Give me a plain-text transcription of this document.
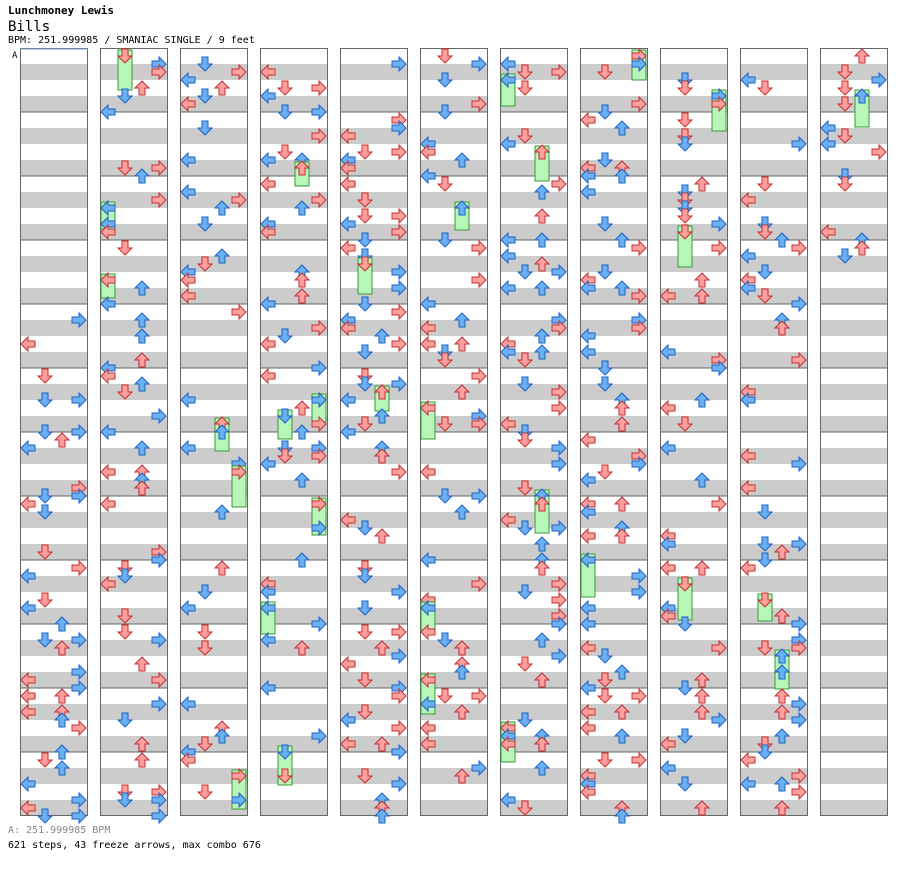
Lunchmoney Lewis
Bills
BPM: 251.999985 / SMANIAC SINGLE / 9 feet
A
A: 251.999985 BPM
621 steps, 43 freeze arrows, max combo 676
